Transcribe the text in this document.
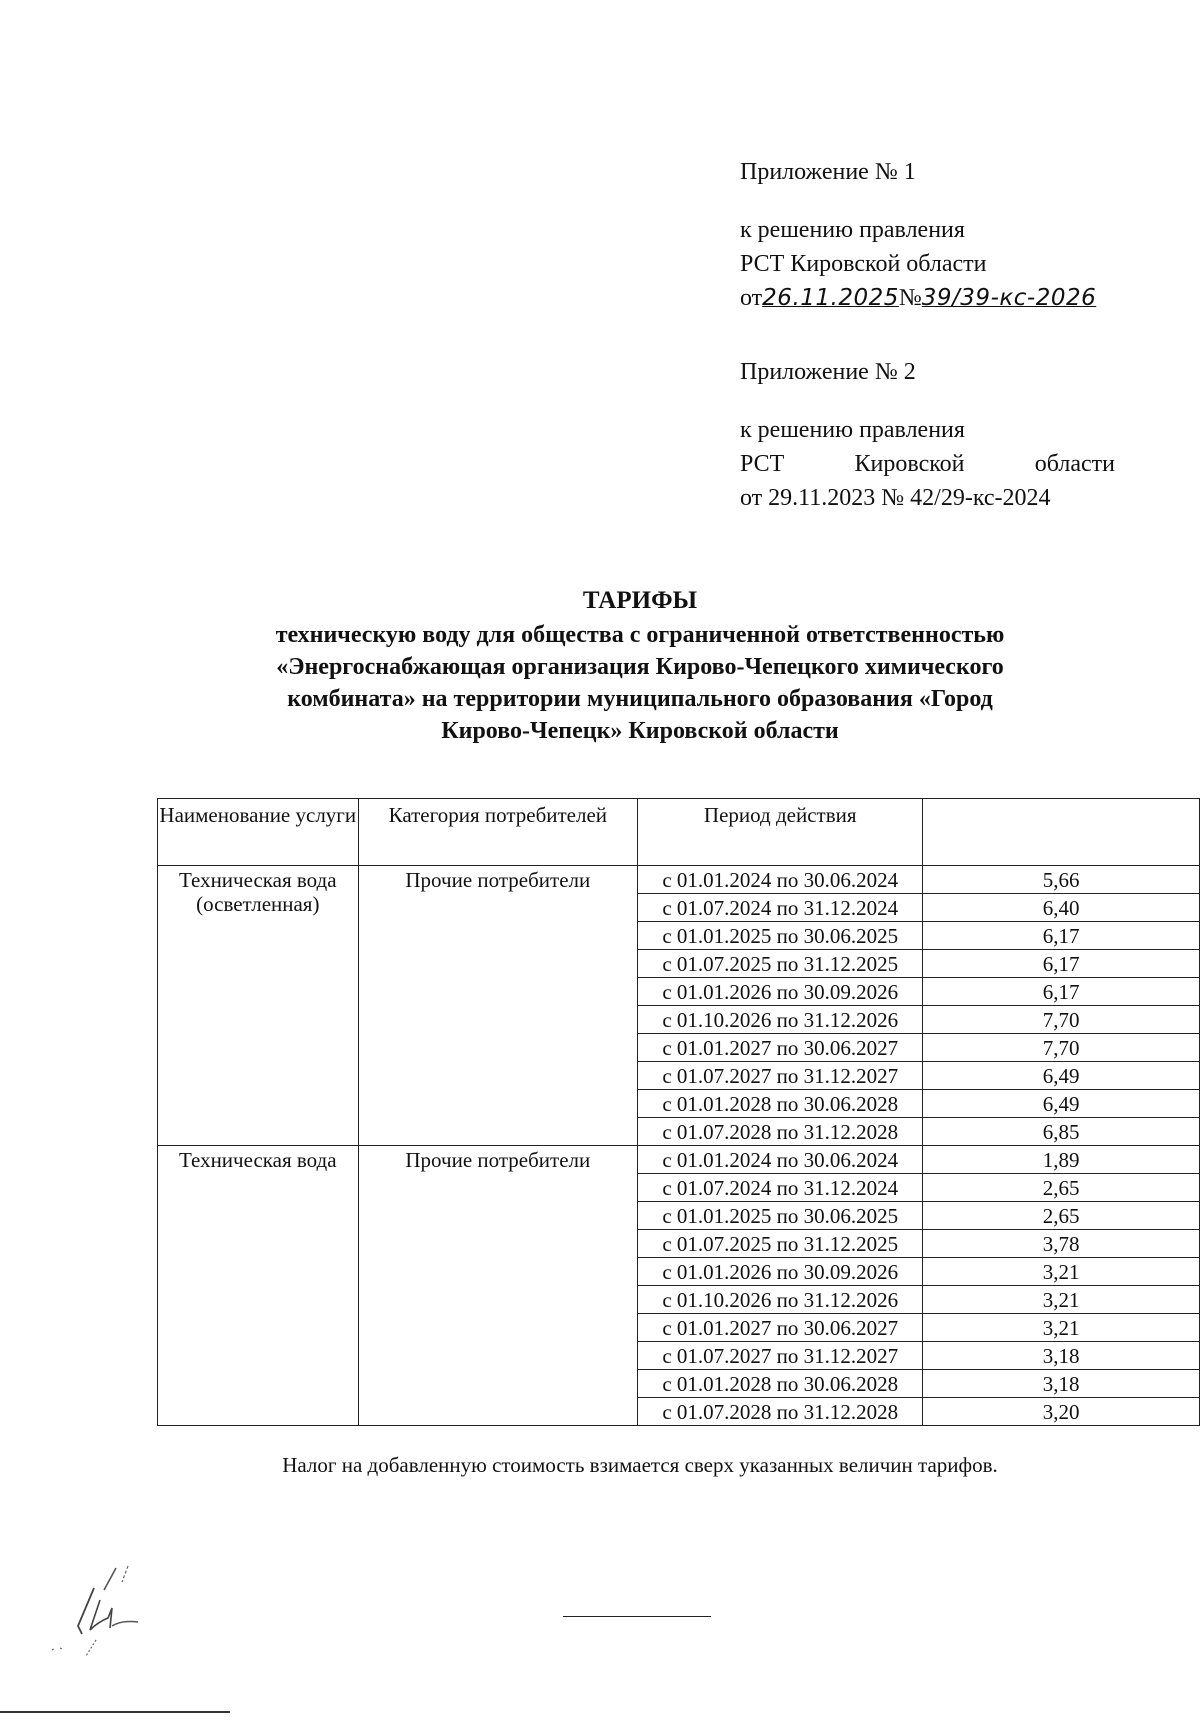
Приложение № 1
к решению правления
РСТ Кировской области
от26.11.2025№39/39-кс-2026
Приложение № 2
к решению правления
РСТ	Кировской	области
от 29.11.2023 № 42/29-кс-2024
ТАРИФЫ
техническую воду для общества с ограниченной ответственностью
«Энергоснабжающая организация Кирово-Чепецкого химического
комбината» на территории муниципального образования «Город
Кирово-Чепецк» Кировской области
Наименование услуги	Категория потребителей	Период действия	
Техническая вода (осветленная)	Прочие потребители	с 01.01.2024 по 30.06.2024	5,66
		с 01.07.2024 по 31.12.2024	6,40
		с 01.01.2025 по 30.06.2025	6,17
		с 01.07.2025 по 31.12.2025	6,17
		с 01.01.2026 по 30.09.2026	6,17
		с 01.10.2026 по 31.12.2026	7,70
		с 01.01.2027 по 30.06.2027	7,70
		с 01.07.2027 по 31.12.2027	6,49
		с 01.01.2028 по 30.06.2028	6,49
		с 01.07.2028 по 31.12.2028	6,85
Техническая вода	Прочие потребители	с 01.01.2024 по 30.06.2024	1,89
		с 01.07.2024 по 31.12.2024	2,65
		с 01.01.2025 по 30.06.2025	2,65
		с 01.07.2025 по 31.12.2025	3,78
		с 01.01.2026 по 30.09.2026	3,21
		с 01.10.2026 по 31.12.2026	3,21
		с 01.01.2027 по 30.06.2027	3,21
		с 01.07.2027 по 31.12.2027	3,18
		с 01.01.2028 по 30.06.2028	3,18
		с 01.07.2028 по 31.12.2028	3,20
Налог на добавленную стоимость взимается сверх указанных величин тарифов.
